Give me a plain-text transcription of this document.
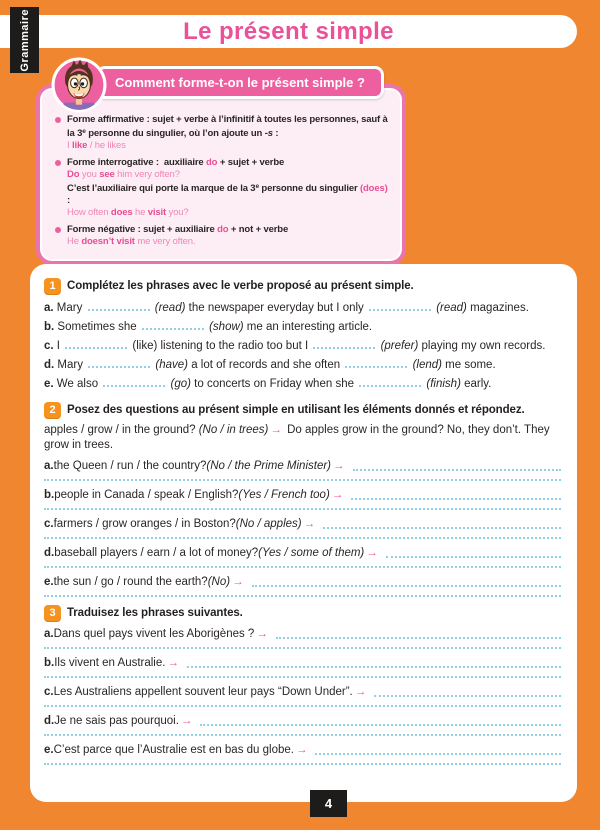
Le présent simple
Grammaire
Comment forme-t-on le présent simple ?
Forme affirmative : sujet + verbe à l’infinitif à toutes les personnes, sauf à la 3e personne du singulier, où l’on ajoute un -s :
I like / he likes
Forme interrogative :  auxiliaire do + sujet + verbe
Do you see him very often?
C’est l’auxiliaire qui porte la marque de la 3e personne du singulier (does) :
How often does he visit you?
Forme négative : sujet + auxiliaire do + not + verbe
He doesn’t visit me very often.
1 Complétez les phrases avec le verbe proposé au présent simple.

a. Mary	(read) the newspaper everyday but I only	(read) magazines.

b. Sometimes she	(show) me an interesting article.

c. I	(like) listening to the radio too but I	(prefer) playing my own records.

d. Mary	(have) a lot of records and she often	(lend) me some.

e. We also	(go) to concerts on Friday when she	(finish) early.

2 Posez des questions au présent simple en utilisant les éléments donnés et répondez.

apples / grow / in the ground? (No / in trees) → Do apples grow in the ground? No, they don’t. They grow in trees.

a. the Queen / run / the country? (No / the Prime Minister) →
b. people in Canada / speak / English? (Yes / French too) →
c. farmers / grow oranges / in Boston? (No / apples) →
d. baseball players / earn / a lot of money? (Yes / some of them) →
e. the sun / go / round the earth? (No) →
3 Traduisez les phrases suivantes.
a. Dans quel pays vivent les Aborigènes ? →
b. Ils vivent en Australie. →
c. Les Australiens appellent souvent leur pays “Down Under”. →
d. Je ne sais pas pourquoi. →
e. C’est parce que l’Australie est en bas du globe. →
4
